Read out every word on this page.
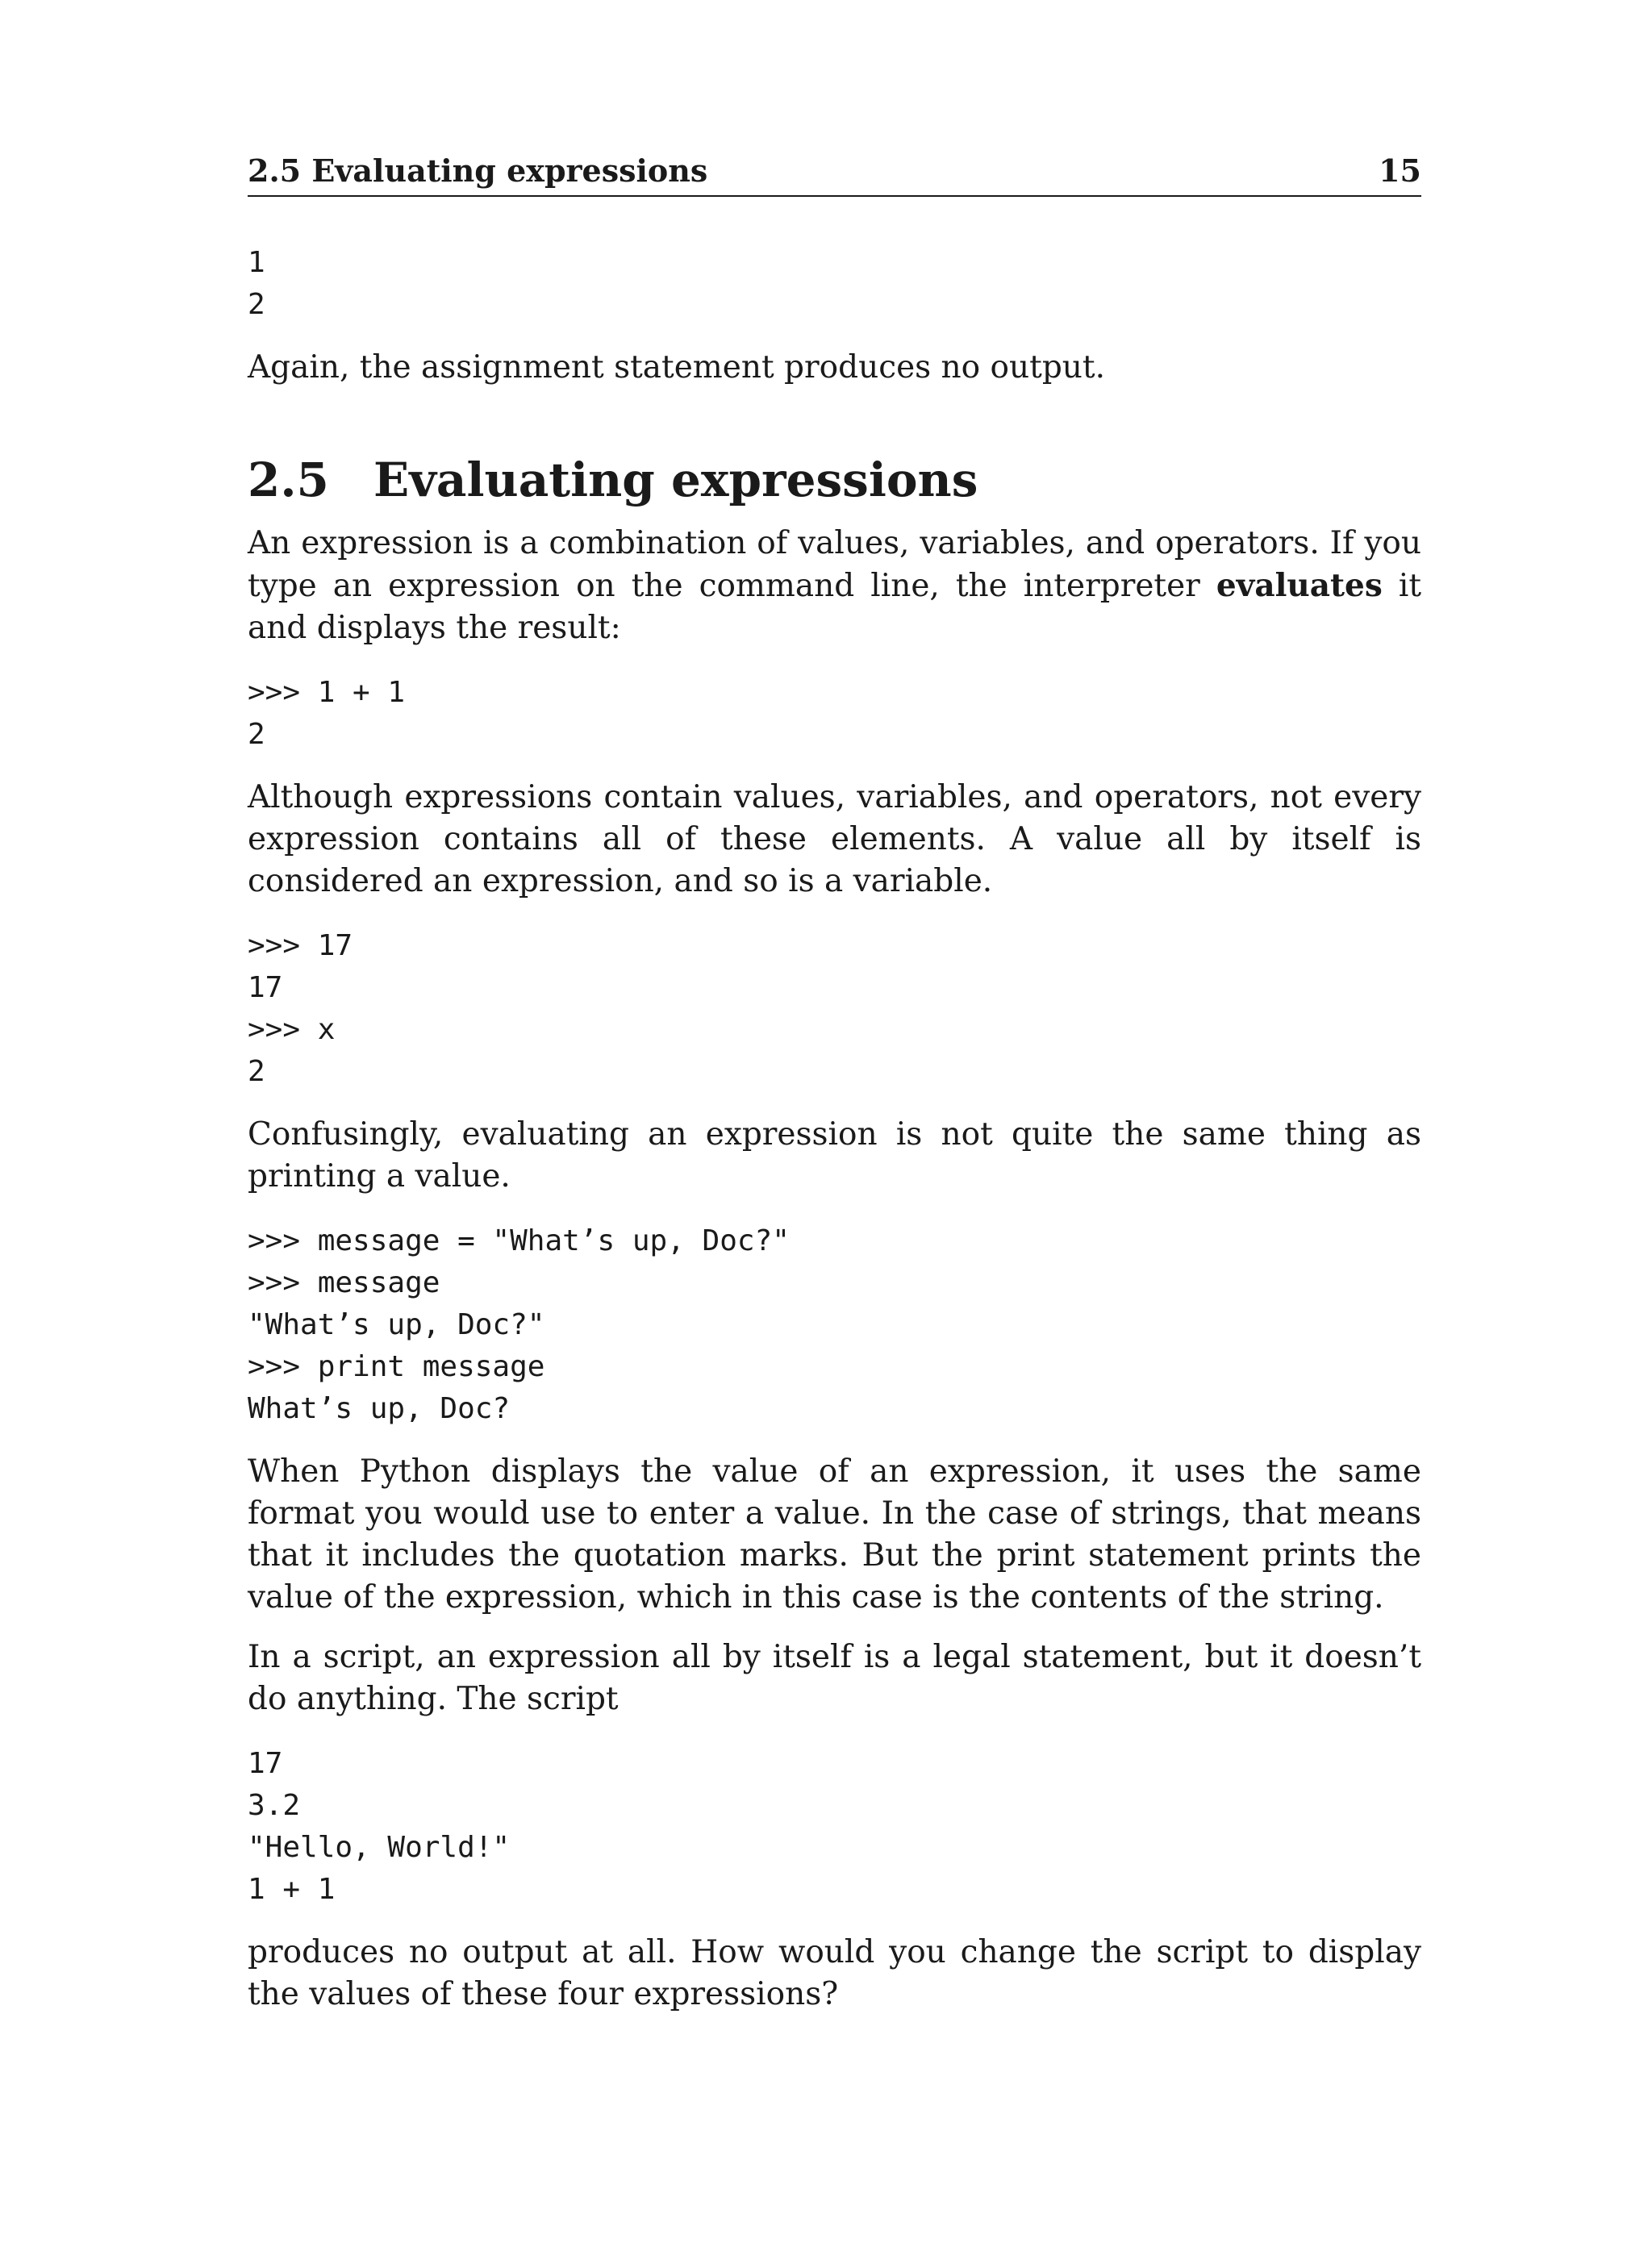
2.5 Evaluating expressions	15
1
2

Again, the assignment statement produces no output.

2.5 Evaluating expressions

An expression is a combination of values, variables, and operators. If you type an expression on the command line, the interpreter evaluates it and displays the result:

>>> 1 + 1
2

Although expressions contain values, variables, and operators, not every expression contains all of these elements. A value all by itself is considered an expression, and so is a variable.

>>> 17
17
>>> x
2

Confusingly, evaluating an expression is not quite the same thing as printing a value.

>>> message = "What’s up, Doc?"
>>> message
"What’s up, Doc?"
>>> print message
What’s up, Doc?

When Python displays the value of an expression, it uses the same format you would use to enter a value. In the case of strings, that means that it includes the quotation marks. But the print statement prints the value of the expression, which in this case is the contents of the string.

In a script, an expression all by itself is a legal statement, but it doesn’t do anything. The script

17
3.2
"Hello, World!"
1 + 1

produces no output at all. How would you change the script to display the values of these four expressions?
